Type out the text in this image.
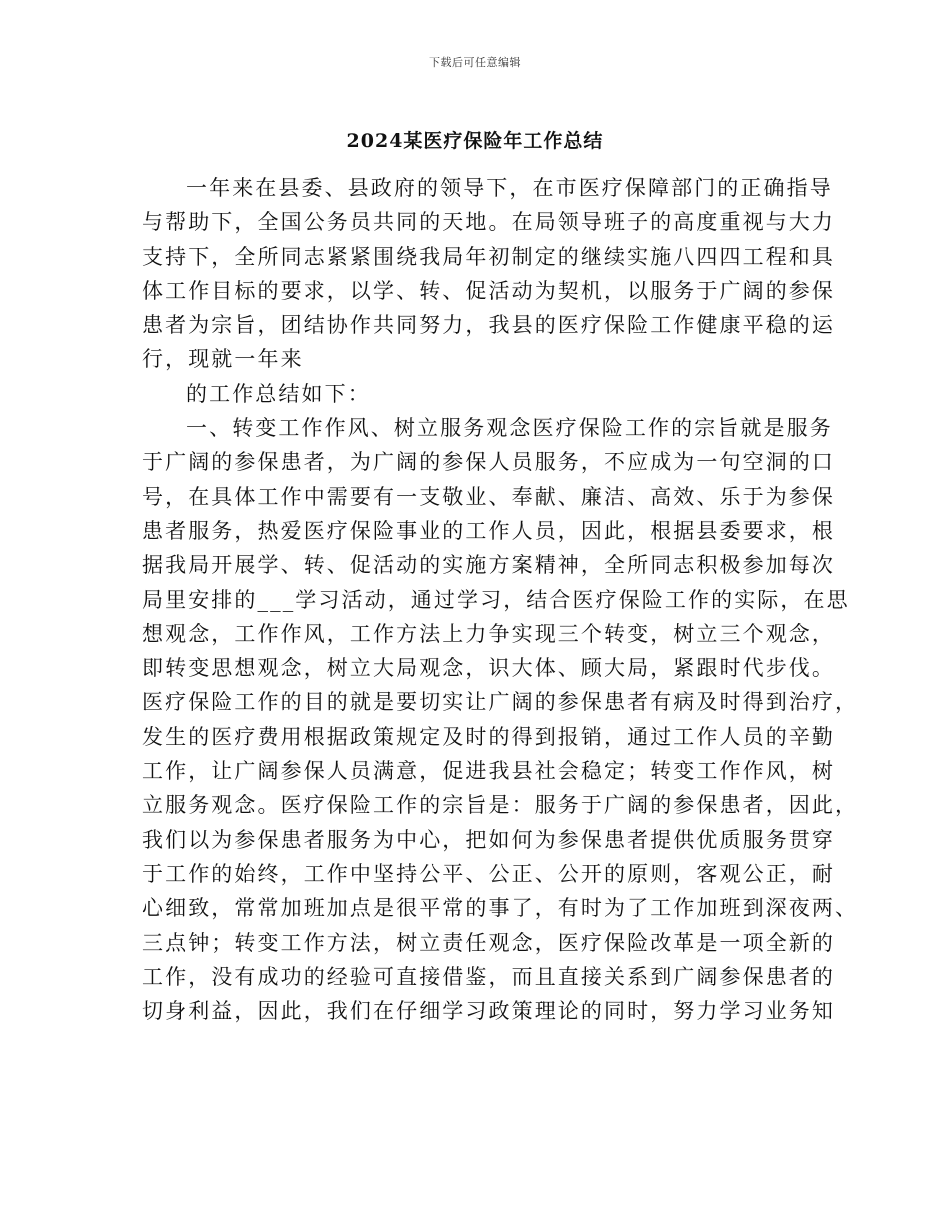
下载后可任意编辑
2024某医疗保险年工作总结
一年来在县委、县政府的领导下，在市医疗保障部门的正确指导
与帮助下，全国公务员共同的天地。在局领导班子的高度重视与大力
支持下，全所同志紧紧围绕我局年初制定的继续实施八四四工程和具
体工作目标的要求，以学、转、促活动为契机，以服务于广阔的参保
患者为宗旨，团结协作共同努力，我县的医疗保险工作健康平稳的运
行，现就一年来
的工作总结如下：
一、转变工作作风、树立服务观念医疗保险工作的宗旨就是服务
于广阔的参保患者，为广阔的参保人员服务，不应成为一句空洞的口
号，在具体工作中需要有一支敬业、奉献、廉洁、高效、乐于为参保
患者服务，热爱医疗保险事业的工作人员，因此，根据县委要求，根
据我局开展学、转、促活动的实施方案精神，全所同志积极参加每次
局里安排的___学习活动，通过学习，结合医疗保险工作的实际，在思
想观念，工作作风，工作方法上力争实现三个转变，树立三个观念，
即转变思想观念，树立大局观念，识大体、顾大局，紧跟时代步伐。
医疗保险工作的目的就是要切实让广阔的参保患者有病及时得到治疗，
发生的医疗费用根据政策规定及时的得到报销，通过工作人员的辛勤
工作，让广阔参保人员满意，促进我县社会稳定；转变工作作风，树
立服务观念。医疗保险工作的宗旨是：服务于广阔的参保患者，因此，
我们以为参保患者服务为中心，把如何为参保患者提供优质服务贯穿
于工作的始终，工作中坚持公平、公正、公开的原则，客观公正，耐
心细致，常常加班加点是很平常的事了，有时为了工作加班到深夜两、
三点钟；转变工作方法，树立责任观念，医疗保险改革是一项全新的
工作，没有成功的经验可直接借鉴，而且直接关系到广阔参保患者的
切身利益，因此，我们在仔细学习政策理论的同时，努力学习业务知
